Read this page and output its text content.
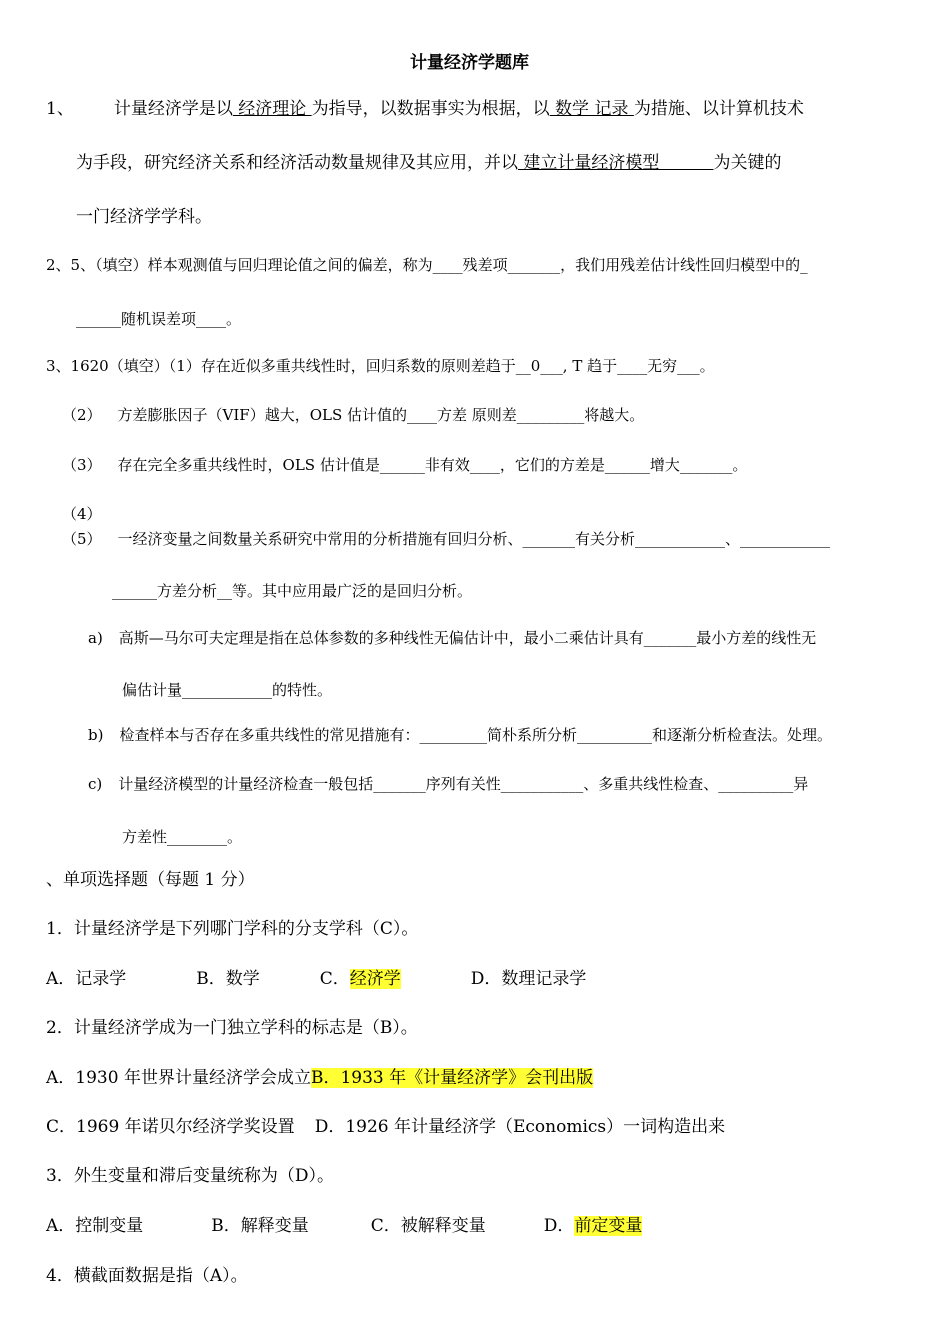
计量经济学题库
1、 计量经济学是以 经济理论 为指导，以数据事实为根据，以 数学 记录 为措施、以计算机技术
为手段，研究经济关系和经济活动数量规律及其应用，并以 建立计量经济模型          为关键的
一门经济学学科。
2、5、（填空）样本观测值与回归理论值之间的偏差，称为____残差项_______，我们用残差估计线性回归模型中的_
______随机误差项____。
3、1620（填空）（1）存在近似多重共线性时，回归系数的原则差趋于__0___, T 趋于____无穷___。
（2） 方差膨胀因子（VIF）越大，OLS 估计值的____方差 原则差_________将越大。
（3） 存在完全多重共线性时，OLS 估计值是______非有效____，它们的方差是______增大_______。
（4）
（5） 一经济变量之间数量关系研究中常用的分析措施有回归分析、_______有关分析____________、____________
______方差分析__等。其中应用最广泛的是回归分析。
a) 高斯—马尔可夫定理是指在总体参数的多种线性无偏估计中，最小二乘估计具有_______最小方差的线性无
偏估计量____________的特性。
b) 检查样本与否存在多重共线性的常见措施有：_________简朴系所分析__________和逐渐分析检查法。处理。
c) 计量经济模型的计量经济检查一般包括_______序列有关性___________、多重共线性检查、__________异
方差性________。
、单项选择题（每题 1 分）
1．计量经济学是下列哪门学科的分支学科（C）。
A．记录学	B．数学	C．经济学	D．数理记录学
2．计量经济学成为一门独立学科的标志是（B）。
A．1930 年世界计量经济学会成立B．1933 年《计量经济学》会刊出版
C．1969 年诺贝尔经济学奖设置 D．1926 年计量经济学（Economics）一词构造出来
3．外生变量和滞后变量统称为（D）。
A．控制变量	B．解释变量	C．被解释变量	D．前定变量
4．横截面数据是指（A）。
